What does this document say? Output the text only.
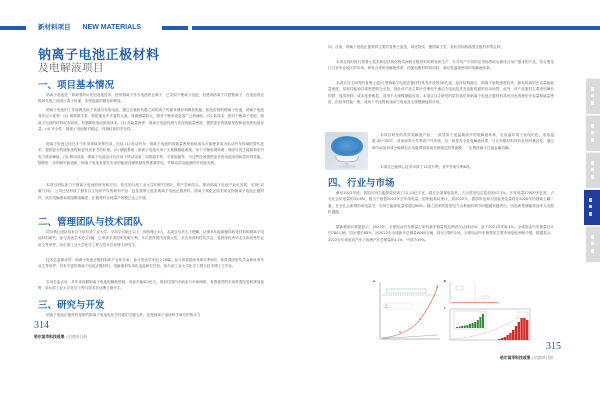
新材料项目 NEW MATERIALS
钠离子电池正极材料
及电解液项目
一、项目基本情况
钠离子电池是一种新型的可充电电池技术，使用钠离子作为电池的正离子，已类似于锂离子电池，但使用钠离子代替锂离子，在电池的正极和负极之间进行离子传递，实现电能的储存和释放。
钠离子电池的工作原理类似于其他可充电电池，通过正极和负极之间的离子传输来储存和释放电能。相比传统的锂离子电池，钠离子电池具有以下优势：(1) 钠资源丰富：钠是地壳中丰富的元素，资源储量较大，相对于锂来说更加广泛和廉价。(2) 低成本：相对于锂离子电池，钠离子电池的材料成本较低，有望降低电池制造成本。(3) 高能量密度：钠离子电池有潜力实现高能量密度，提供更长的续航里程和更高的电池容量。(4) 安全性：钠离子电池相对稳定，具备较高的安全性。
钠离子电池已经在多个应用领域发挥作用，包括 (1) 电动汽车：钠离子电池的高能量密度和低成本可能使其成为电动汽车领域的替代技术，提供更长的续航里程和更具竞争力的价格。(2) 储能系统：钠离子电池可用于大规模储能系统，用于平衡电网负荷、储存可再生能源和应对电力需求峰值。(3) 移动设备：钠离子电池也可以应用于移动设备，如智能手机、平板电脑等，为这些设备提供更长的电池寿命和更好的性能。随着进一步的研究和创新，钠离子电池有望在未来的能源存储领域发挥重要作用，并推动清洁能源的可持续发展。
本项目团队致力于钠离子电池的研发和应用，依托哈尔滨工业大学的研究团队，将产学研结合，推动钠离子电池产业化发展，实现“双碳”目标。公司已经形成了拥有自主知识产权的系列产品：包括普鲁士蓝类钠离子电池正极材料、阴离子氧化还原类氧化物钠离子电池正极材料、高压电解液和高阻燃电解质、正极材料百吨量产规模已达公斤级。
二、管理团队与技术团队
项目核心团队均来自于哈尔滨工业大学，平均学历硕士以上，拥有博士4人。本项目负责人王俊鹏，从事多年能源储存转化材料和钠离子电池材料研究，参与发表学术论文3篇，已申请多项国家发明专利，多次获得国内竞赛大奖，多次获得科技奖学金，曾获得优秀毕业生和优秀毕业论文等荣誉，哈尔滨工业大学化学工程与技术在读博士研究生。
技术总监谢冰雪：钠离子电池正极材料和产业化专家，参与发表学术论文16篇，参与申请国家发明专利9项，曾获得国家奖学金和优秀毕业生等荣誉，具有丰富的钠离子电池正极材料、电解液和实用化电池研究经验，哈尔滨工业大学化学工程与技术博士生毕业。
市场总监孟岩：多年来深耕钠离子电池电解液领域，发表多篇SCI论文，曾前往国内多地参与市场调研，有着强烈的市场供需经验和规划视野，哈尔滨工业大学化学工程与技术在读博士研究生。
三、研究与开发
钠离子电池正极材料是制约钠离子电池电化学性能的关键元件，也是钠离子电池科学研究的热点方
314
哈尔滨市科技成果 | 招商项目册
向。目前，钠离子电池正极材料主要有普鲁士蓝类、氧化物类、聚阴离子类、有机类和转换型正极材料等五种。
本项目同时进行普鲁士蓝类和层状氧化物类两种正极材料的研发和生产，针对用户不同的应用场景给出最适合用户需求的产品，结合黑龙江乃至东北地区的市场，研发合适的电解液体系，匹配电极材料的同时，满足宽温域使用的电解液体系。
本项目自主研发的普鲁士蓝/白型钠离子电池正极材料具有开放的3D孔道，晶体结构稳定，钠离子嵌脱速度较快，拥有较高的比容量和能量密度，倍率性能和功率密度较为出色，因此该产品主要针对锂电中速动力电池及其充电桩电源的应用场景。此外，该产品原料主要采用廉价的铁、锰类材料，成本优势明显，适用于大规模储能应用。本项目自主研发的层状氧化物钠离子电池正极材料具有出色的理论比容量和能量密度，但倍率性能一般，适用于中远程低速动力电池及大规模储能的应用。
本项目研发的高效电解液产品，一款适用于宽温域设计的电解液体系，在低温环境下表现出色，适用温度-30~40℃，适用场景为冬季或户外环境。另一款是安全性电解液体系，与正负极材料具有良好的兼容性，通过调节添加剂成分能够在正负极界面形成坚固稳定的界面膜，一定程度减少过渡金属溶解。
本项目已就核心技术申请了12项专利，其中发明专利8项。
四、行业与市场
截至2022年底，我国可再生能源装机到了12.13亿千瓦，超过全国煤电装机，占全国发电总装机的47.3%，年发电量27000多亿度，占全社会用电量的31.6%，相当于欧盟2021年全年用电量。国家能源局预计，到2025年，我国风电和太阳能发电量将在2020年的基础上翻一番，在全社会新增的用电量中，可再生能源电量将超过80%。随之而来的将是电力全系统的调节问题越来越突出，因此新型储能将迎来大发展机遇期。
据新税统计数据显示，2022年，全球电动汽车销量占所有新车销量的比例首次达到10%，高于2021年的8.3%。全球电动汽车销量总计约780万辆，同比增长68%，而2022年全球新车总销量8060万辆，同比下降约1%。全球电动汽车销售的主要市场是欧洲和中国。数据显示，2022全年纯电动汽车占欧洲汽车总销量的11%，中国为19%。
a	b
c
315
哈尔滨市科技成果 | 招商项目册
